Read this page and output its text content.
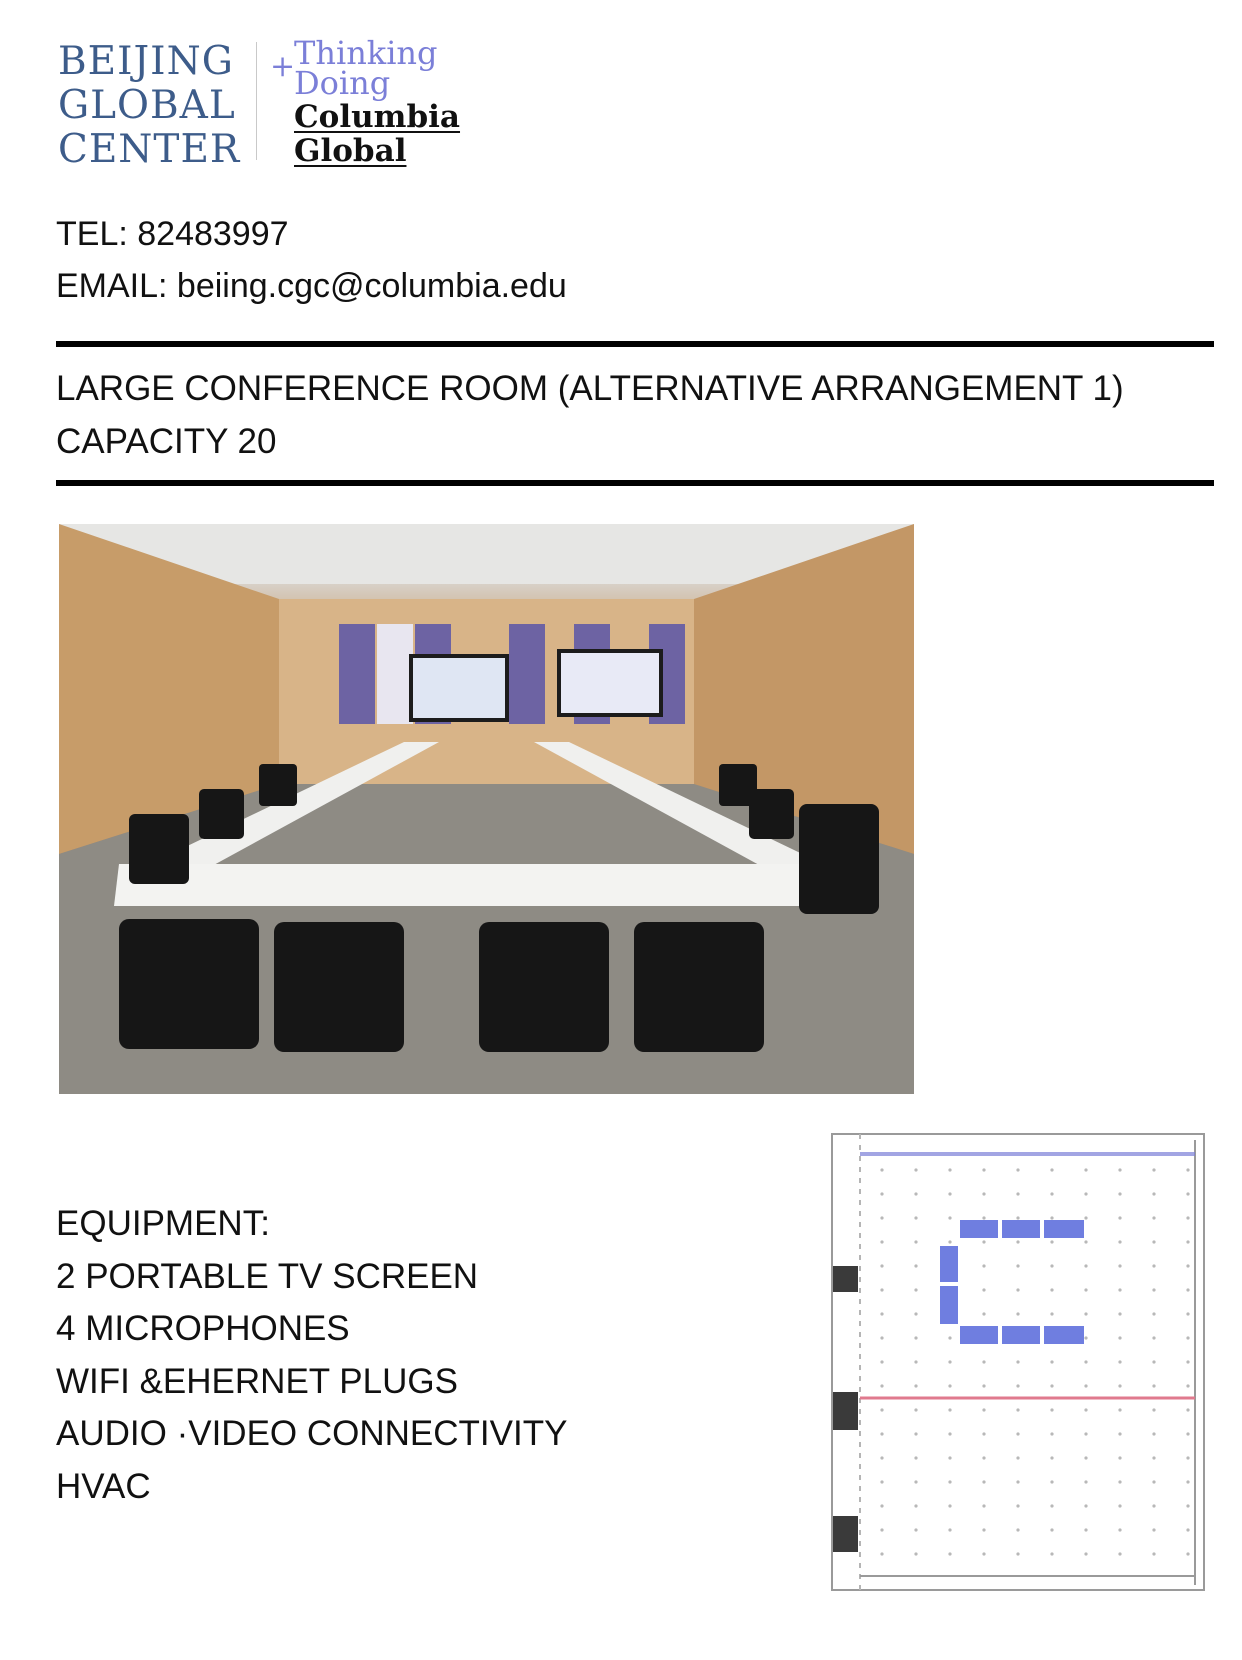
BEIJING
GLOBAL
CENTER
+
Thinking
Doing
Columbia
Global
TEL: 82483997
EMAIL: beiing.cgc@columbia.edu
LARGE CONFERENCE ROOM (ALTERNATIVE ARRANGEMENT 1)
CAPACITY 20
EQUIPMENT:
2 PORTABLE TV SCREEN
4 MICROPHONES
WIFI &EHERNET PLUGS
AUDIO ·VIDEO CONNECTIVITY
HVAC
